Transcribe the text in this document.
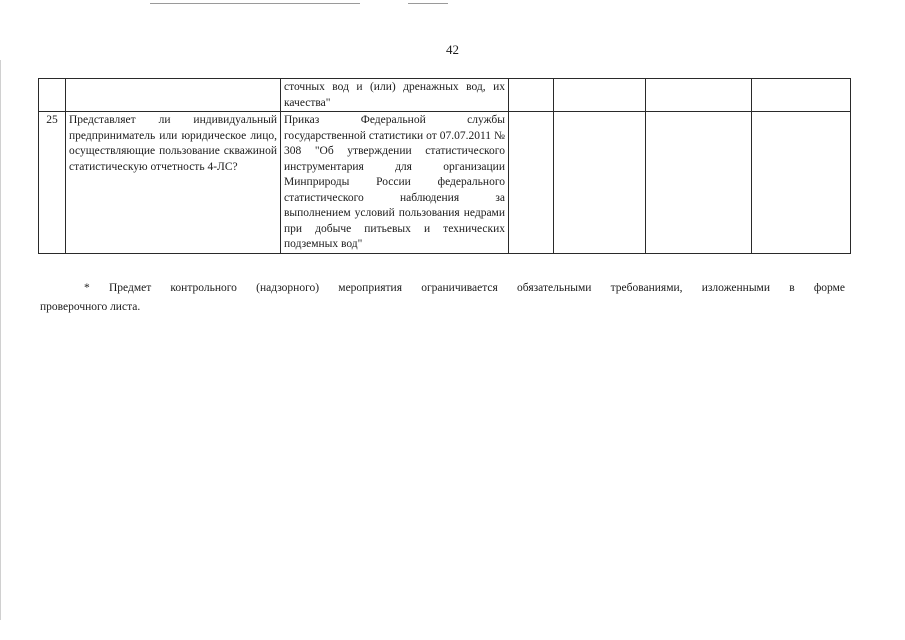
42
		сточных вод и (или) дренажных вод, их качества"				
25	Представляет ли индивидуальный предприниматель или юридическое лицо, осуществляющие пользование скважиной статистическую отчетность 4-ЛС?	Приказ Федеральной службы государственной статистики от 07.07.2011 № 308 "Об утверждении статистического инструментария для организации Минприроды России федерального статистического наблюдения за выполнением условий пользования недрами при добыче питьевых и технических подземных вод"				
* Предмет контрольного (надзорного) мероприятия ограничивается обязательными требованиями, изложенными в форме
проверочного листа.
